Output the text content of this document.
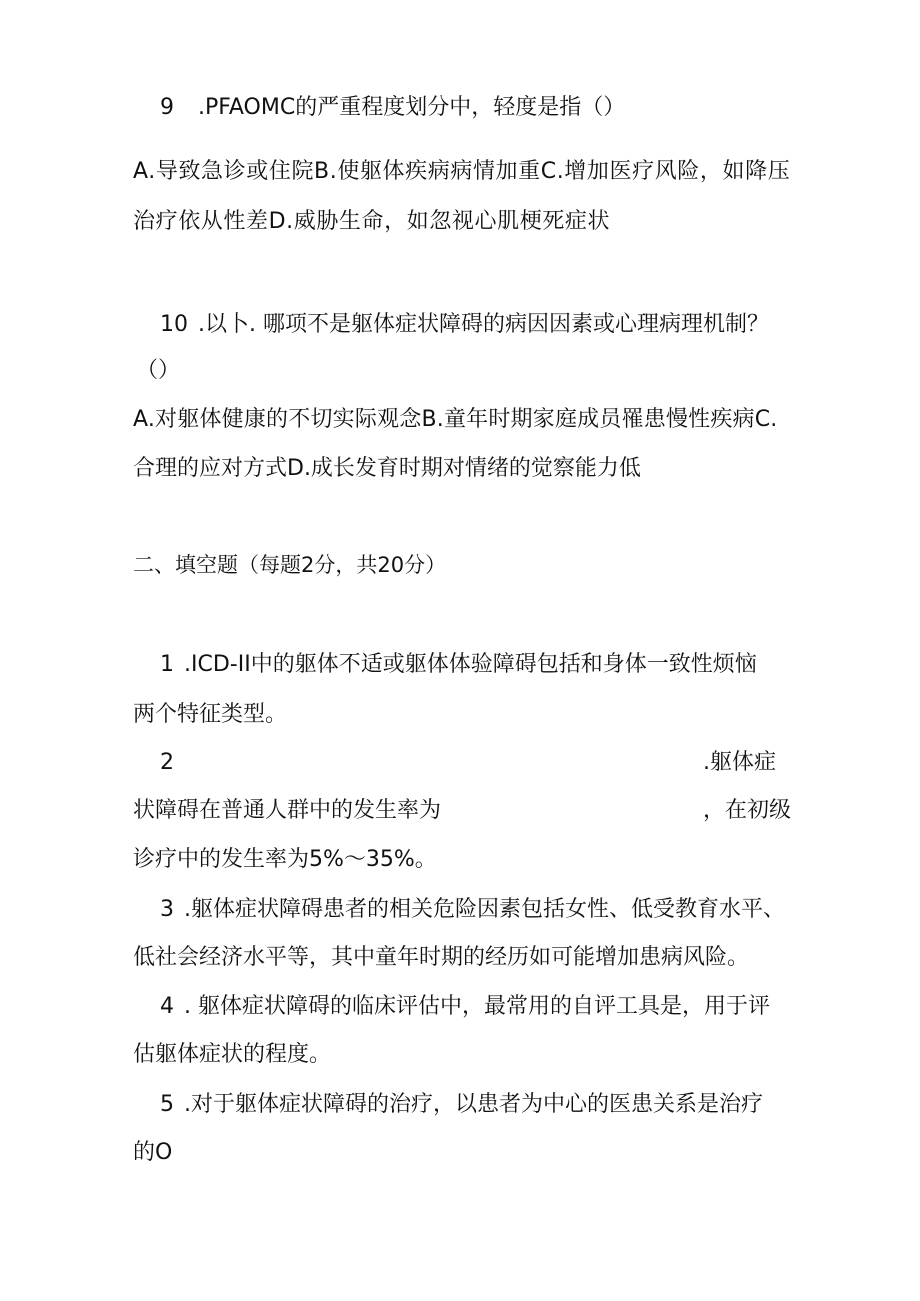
9 .PFAOMC的严重程度划分中，轻度是指（）
A.导致急诊或住院B.使躯体疾病病情加重C.增加医疗风险，如降压
治疗依从性差D.威胁生命，如忽视心肌梗死症状
10 .以卜. 哪项不是躯体症状障碍的病因因素或心理病理机制？
（）
A.对躯体健康的不切实际观念B.童年时期家庭成员罹患慢性疾病C.
合理的应对方式D.成长发育时期对情绪的觉察能力低
二、填空题（每题2分，共20分）
1 .ICD-II中的躯体不适或躯体体验障碍包括和身体一致性烦恼
两个特征类型。
2	.躯体症
状障碍在普通人群中的发生率为	，在初级
诊疗中的发生率为5%～35%。
3 .躯体症状障碍患者的相关危险因素包括女性、低受教育水平、
低社会经济水平等，其中童年时期的经历如可能增加患病风险。
4 . 躯体症状障碍的临床评估中，最常用的自评工具是，用于评
估躯体症状的程度。
5 .对于躯体症状障碍的治疗，以患者为中心的医患关系是治疗
的O
